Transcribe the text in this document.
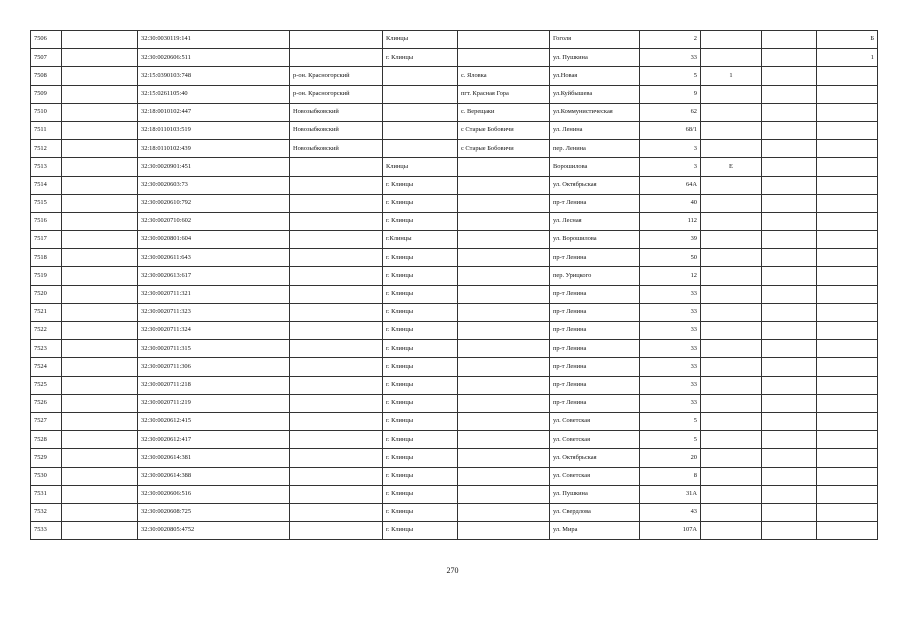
7506		32:30:0030119:141		Клинцы		Гоголя	2			Б
7507		32:30:0020606:511		г. Клинцы		ул. Пушкина	33			1
7508		32:15:0390103:748	р-он. Красногорский		с. Яловка	ул.Новая	5	1		
7509		32:15:0261105:40	р-он. Красногорский		пгт. Красная Гора	ул.Куйбышева	9			
7510		32:18:0010102:447	Новозыбковский		с. Верещаки	ул.Коммунистическая	62			
7511		32:18:0110103:519	Новозыбковский		с Старые Бобовичи	ул. Ленина	68/1			
7512		32:18:0110102:439	Новозыбковский		с Старые Бобовичи	пер. Ленина	3			
7513		32:30:0020901:451		Клинцы		Ворошилова	3	Е		
7514		32:30:0020603:73		г. Клинцы		ул. Октябрьская	64А			
7515		32:30:0020610:792		г. Клинцы		пр-т Ленина	40			
7516		32:30:0020710:602		г. Клинцы		ул. Лесная	112			
7517		32:30:0020801:604		г.Клинцы		ул. Ворошилова	39			
7518		32:30:0020611:643		г. Клинцы		пр-т Ленина	50			
7519		32:30:0020613:617		г. Клинцы		пер. Урицкого	12			
7520		32:30:0020711:321		г. Клинцы		пр-т Ленина	33			
7521		32:30:0020711:323		г. Клинцы		пр-т Ленина	33			
7522		32:30:0020711:324		г. Клинцы		пр-т Ленина	33			
7523		32:30:0020711:315		г. Клинцы		пр-т Ленина	33			
7524		32:30:0020711:306		г. Клинцы		пр-т Ленина	33			
7525		32:30:0020711:218		г. Клинцы		пр-т Ленина	33			
7526		32:30:0020711:219		г. Клинцы		пр-т Ленина	33			
7527		32:30:0020612:415		г. Клинцы		ул. Советская	5			
7528		32:30:0020612:417		г. Клинцы		ул. Советская	5			
7529		32:30:0020614:381		г. Клинцы		ул. Октябрьская	20			
7530		32:30:0020614:388		г. Клинцы		ул. Советская	8			
7531		32:30:0020606:516		г. Клинцы		ул. Пушкина	31А			
7532		32:30:0020608:725		г. Клинцы		ул. Свердлова	43			
7533		32:30:0020805:4752		г. Клинцы		ул. Мира	107А			
270
